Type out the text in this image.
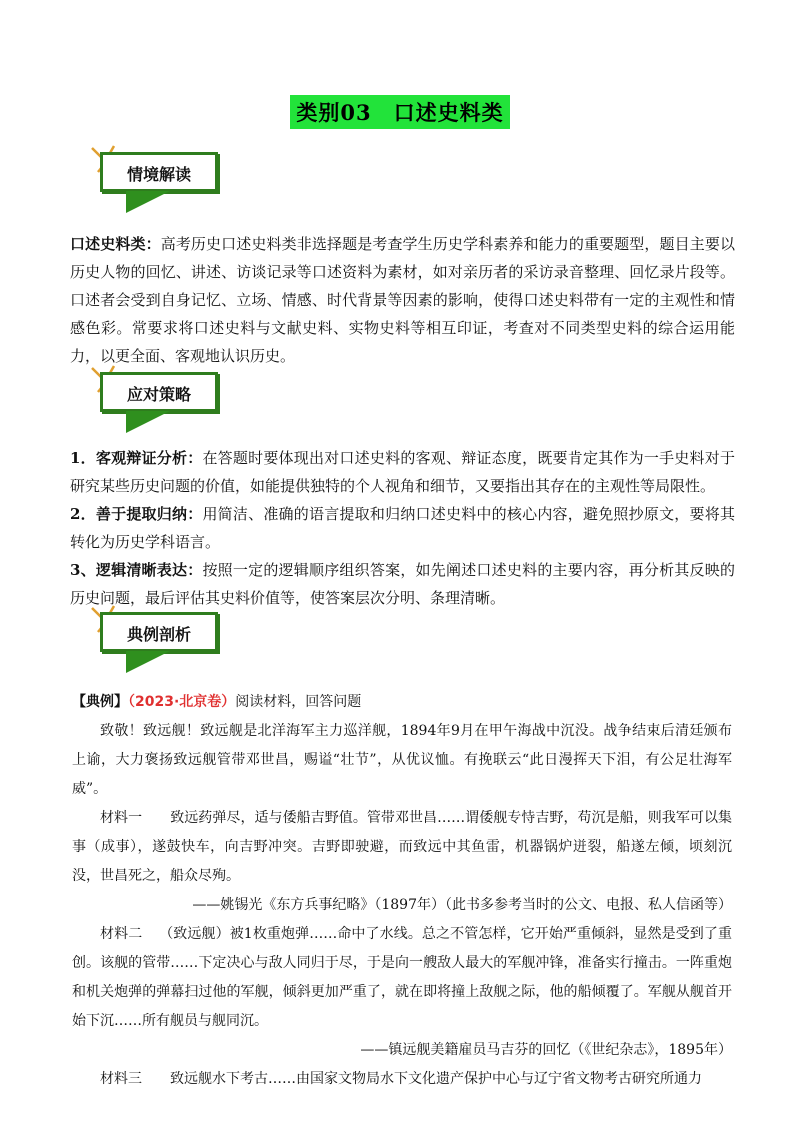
类别03　口述史料类
情境解读
口述史料类：高考历史口述史料类非选择题是考查学生历史学科素养和能力的重要题型，题目主要以历史人物的回忆、讲述、访谈记录等口述资料为素材，如对亲历者的采访录音整理、回忆录片段等。口述者会受到自身记忆、立场、情感、时代背景等因素的影响，使得口述史料带有一定的主观性和情感色彩。常要求将口述史料与文献史料、实物史料等相互印证，考查对不同类型史料的综合运用能力，以更全面、客观地认识历史。
应对策略
1．客观辩证分析：在答题时要体现出对口述史料的客观、辩证态度，既要肯定其作为一手史料对于研究某些历史问题的价值，如能提供独特的个人视角和细节，又要指出其存在的主观性等局限性。
2．善于提取归纳：用简洁、准确的语言提取和归纳口述史料中的核心内容，避免照抄原文，要将其转化为历史学科语言。
3、逻辑清晰表达：按照一定的逻辑顺序组织答案，如先阐述口述史料的主要内容，再分析其反映的历史问题，最后评估其史料价值等，使答案层次分明、条理清晰。
典例剖析
【典例】（2023·北京卷）阅读材料，回答问题
致敬！致远舰！致远舰是北洋海军主力巡洋舰，1894年9月在甲午海战中沉没。战争结束后清廷颁布上谕，大力褒扬致远舰管带邓世昌，赐谥“壮节”，从优议恤。有挽联云“此日漫挥天下泪，有公足壮海军威”。
材料一 致远药弹尽，适与倭船吉野值。管带邓世昌……谓倭舰专恃吉野，苟沉是船，则我军可以集事（成事），遂鼓快车，向吉野冲突。吉野即驶避，而致远中其鱼雷，机器锅炉迸裂，船遂左倾，顷刻沉没，世昌死之，船众尽殉。
——姚锡光《东方兵事纪略》（1897年）（此书多参考当时的公文、电报、私人信函等）
材料二 （致远舰）被1枚重炮弹……命中了水线。总之不管怎样，它开始严重倾斜，显然是受到了重创。该舰的管带……下定决心与敌人同归于尽，于是向一艘敌人最大的军舰冲锋，准备实行撞击。一阵重炮和机关炮弹的弹幕扫过他的军舰，倾斜更加严重了，就在即将撞上敌舰之际，他的船倾覆了。军舰从舰首开始下沉……所有舰员与舰同沉。
——镇远舰美籍雇员马吉芬的回忆（《世纪杂志》，1895年）
材料三 致远舰水下考古……由国家文物局水下文化遗产保护中心与辽宁省文物考古研究所通力
